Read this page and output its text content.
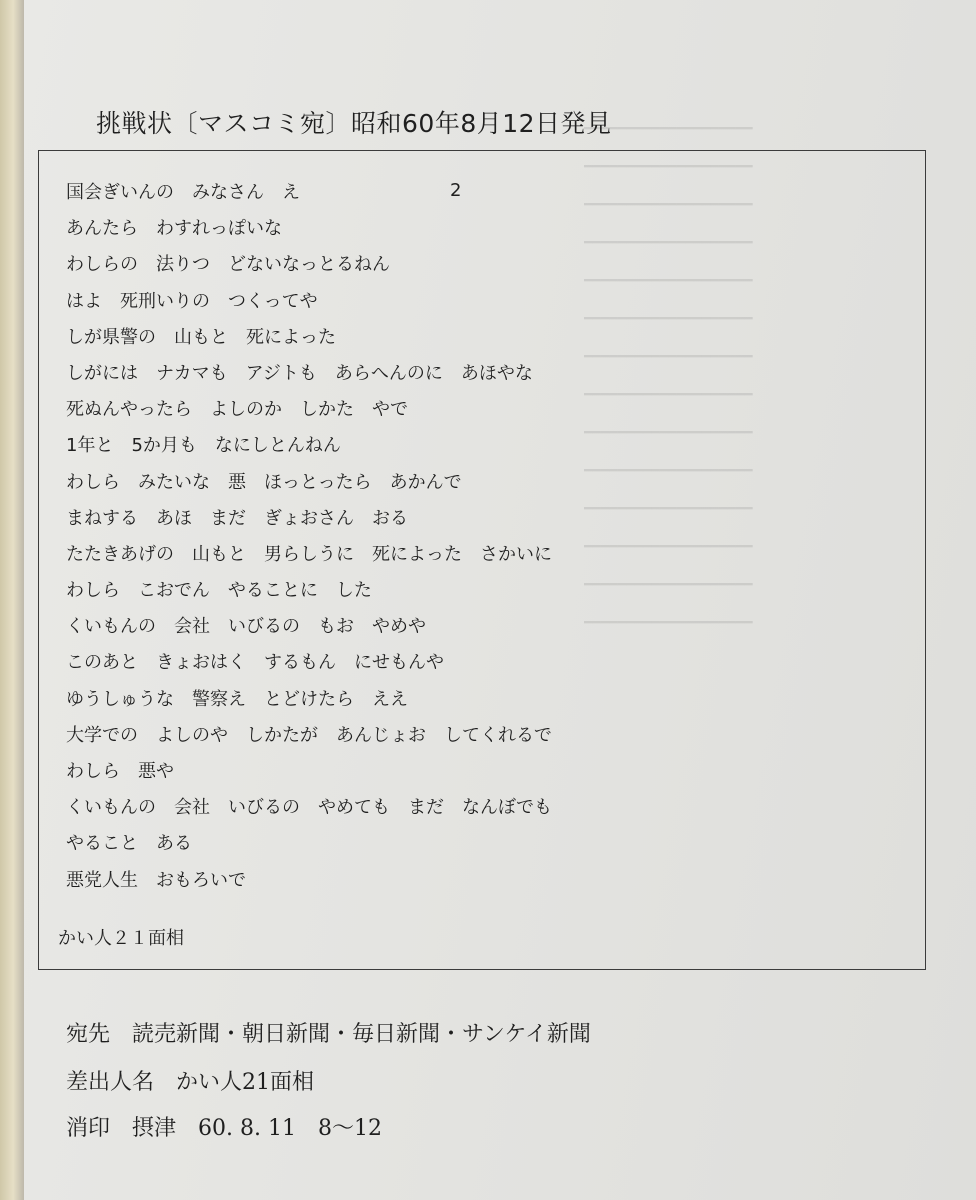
━━━━━━━━━━━━━━━━━━━━
━━━━━━━━━━━━━━━━━━━━
━━━━━━━━━━━━━━━━━━━━
━━━━━━━━━━━━━━━━━━━━
━━━━━━━━━━━━━━━━━━━━
━━━━━━━━━━━━━━━━━━━━
━━━━━━━━━━━━━━━━━━━━
━━━━━━━━━━━━━━━━━━━━
━━━━━━━━━━━━━━━━━━━━
━━━━━━━━━━━━━━━━━━━━
━━━━━━━━━━━━━━━━━━━━
━━━━━━━━━━━━━━━━━━━━
━━━━━━━━━━━━━━━━━━━━
━━━━━━━━━━━━━━━━━━━━
挑戦状〔マスコミ宛〕昭和60年8月12日発見
2
国会ぎいんの　みなさん　え
あんたら　わすれっぽいな
わしらの　法りつ　どないなっとるねん
はよ　死刑いりの　つくってや
しが県警の　山もと　死によった
しがには　ナカマも　アジトも　あらへんのに　あほやな
死ぬんやったら　よしのか　しかた　やで
1年と　5か月も　なにしとんねん
わしら　みたいな　悪　ほっとったら　あかんで
まねする　あほ　まだ　ぎょおさん　おる
たたきあげの　山もと　男らしうに　死によった　さかいに
わしら　こおでん　やることに　した
くいもんの　会社　いびるの　もお　やめや
このあと　きょおはく　するもん　にせもんや
ゆうしゅうな　警察え　とどけたら　ええ
大学での　よしのや　しかたが　あんじょお　してくれるで
わしら　悪や
くいもんの　会社　いびるの　やめても　まだ　なんぼでも
やること　ある
悪党人生　おもろいで
かい人２１面相

宛先 読売新聞・朝日新聞・毎日新聞・サンケイ新聞

差出人名 かい人21面相

消印 摂津　60. 8. 11　8〜12
